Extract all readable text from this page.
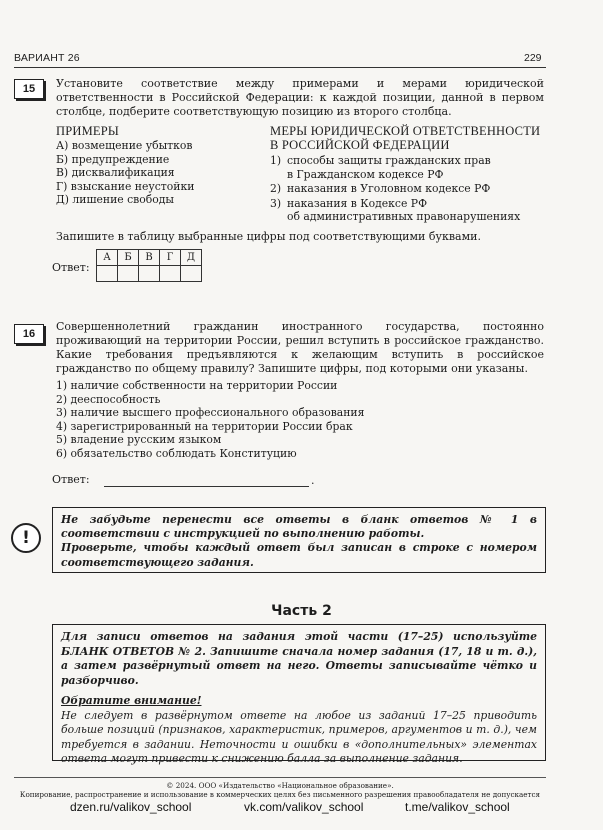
ВАРИАНТ 26	229
15	Установите соответствие между примерами и мерами юридической ответственности в Российской Федерации: к каждой позиции, данной в первом столбце, подберите соответствующую позицию из второго столбца.
ПРИМЕРЫ
А) возмещение убытков
Б) предупреждение
В) дисквалификация
Г) взыскание неустойки
Д) лишение свободы
МЕРЫ ЮРИДИЧЕСКОЙ ОТВЕТСТВЕННОСТИ
В РОССИЙСКОЙ ФЕДЕРАЦИИ
1) способы защиты гражданских прав
в Гражданском кодексе РФ
2) наказания в Уголовном кодексе РФ
3) наказания в Кодексе РФ
об административных правонарушениях
Запишите в таблицу выбранные цифры под соответствующими буквами.
Ответ:
А	Б	В	Г	Д

16
Совершеннолетний гражданин иностранного государства, постоянно проживающий на территории России, решил вступить в российское гражданство. Какие требования предъявляются к желающим вступить в российское гражданство по общему правилу? Запишите цифры, под которыми они указаны.
1) наличие собственности на территории России
2) дееспособность
3) наличие высшего профессионального образования
4) зарегистрированный на территории России брак
5) владение русским языком
6) обязательство соблюдать Конституцию
Ответ:	.
!
Не забудьте перенести все ответы в бланк ответов № 1 в соответствии с инструкцией по выполнению работы.
Проверьте, чтобы каждый ответ был записан в строке с номером соответствующего задания.
Часть 2
Для записи ответов на задания этой части (17–25) используйте БЛАНК ОТВЕТОВ № 2. Запишите сначала номер задания (17, 18 и т. д.), а затем развёрнутый ответ на него. Ответы записывайте чётко и разборчиво.
Обратите внимание!
Не следует в развёрнутом ответе на любое из заданий 17–25 приводить больше позиций (признаков, характеристик, примеров, аргументов и т. д.), чем требуется в задании. Неточности и ошибки в «дополнительных» элементах ответа могут привести к снижению балла за выполнение задания.
© 2024. ООО «Издательство «Национальное образование».
Копирование, распространение и использование в коммерческих целях без письменного разрешения правообладателя не допускается
dzen.ru/valikov_school	vk.com/valikov_school	t.me/valikov_school
